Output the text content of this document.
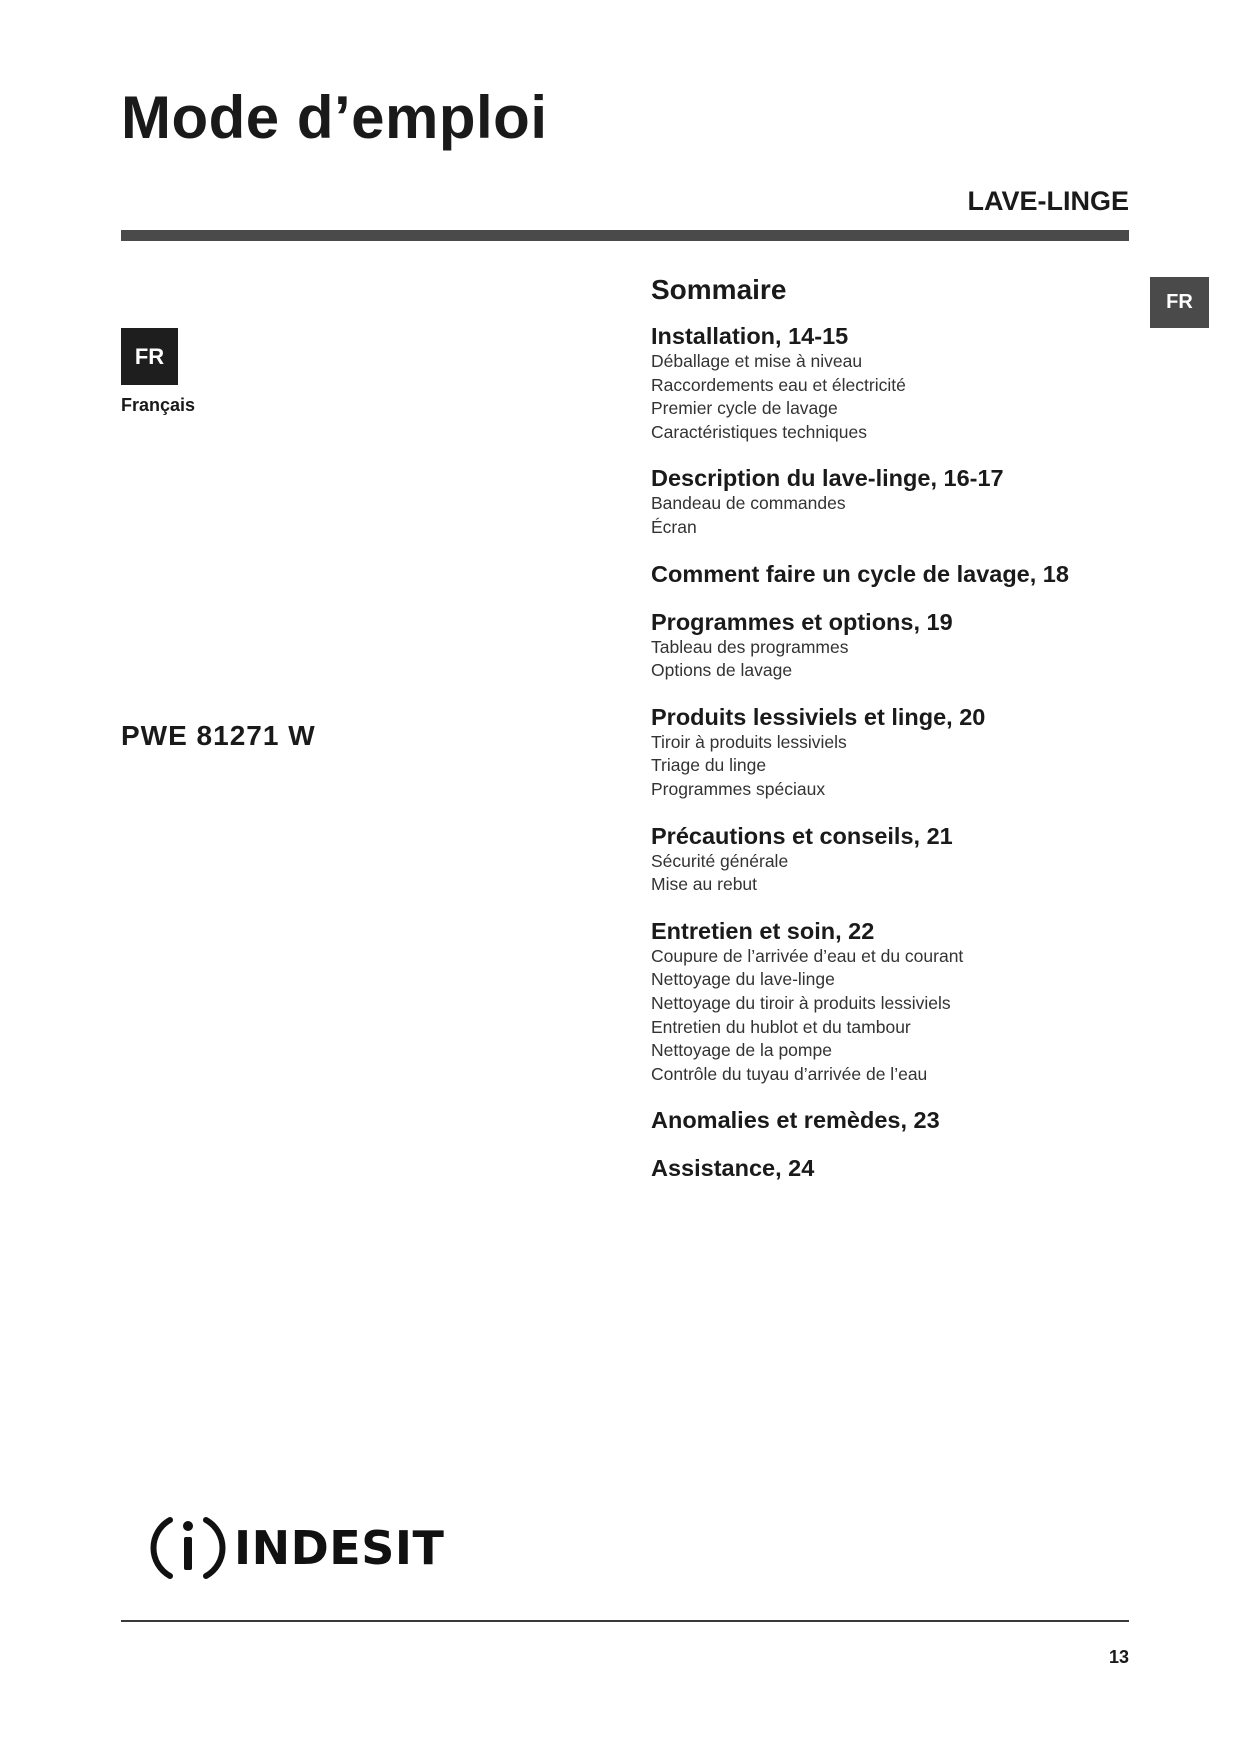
Mode d’emploi
LAVE-LINGE
FR
FR
Français
PWE 81271 W
Sommaire
Installation, 14-15
Déballage et mise à niveau
Raccordements eau et électricité
Premier cycle de lavage
Caractéristiques techniques
Description du lave-linge, 16-17
Bandeau de commandes
Écran
Comment faire un cycle de lavage, 18
Programmes et options, 19
Tableau des programmes
Options de lavage
Produits lessiviels et linge, 20
Tiroir à produits lessiviels
Triage du linge
Programmes spéciaux
Précautions et conseils, 21
Sécurité générale
Mise au rebut
Entretien et soin, 22
Coupure de l’arrivée d’eau et du courant
Nettoyage du lave-linge
Nettoyage du tiroir à produits lessiviels
Entretien du hublot et du tambour
Nettoyage de la pompe
Contrôle du tuyau d’arrivée de l’eau
Anomalies et remèdes, 23
Assistance, 24
INDESIT
13
